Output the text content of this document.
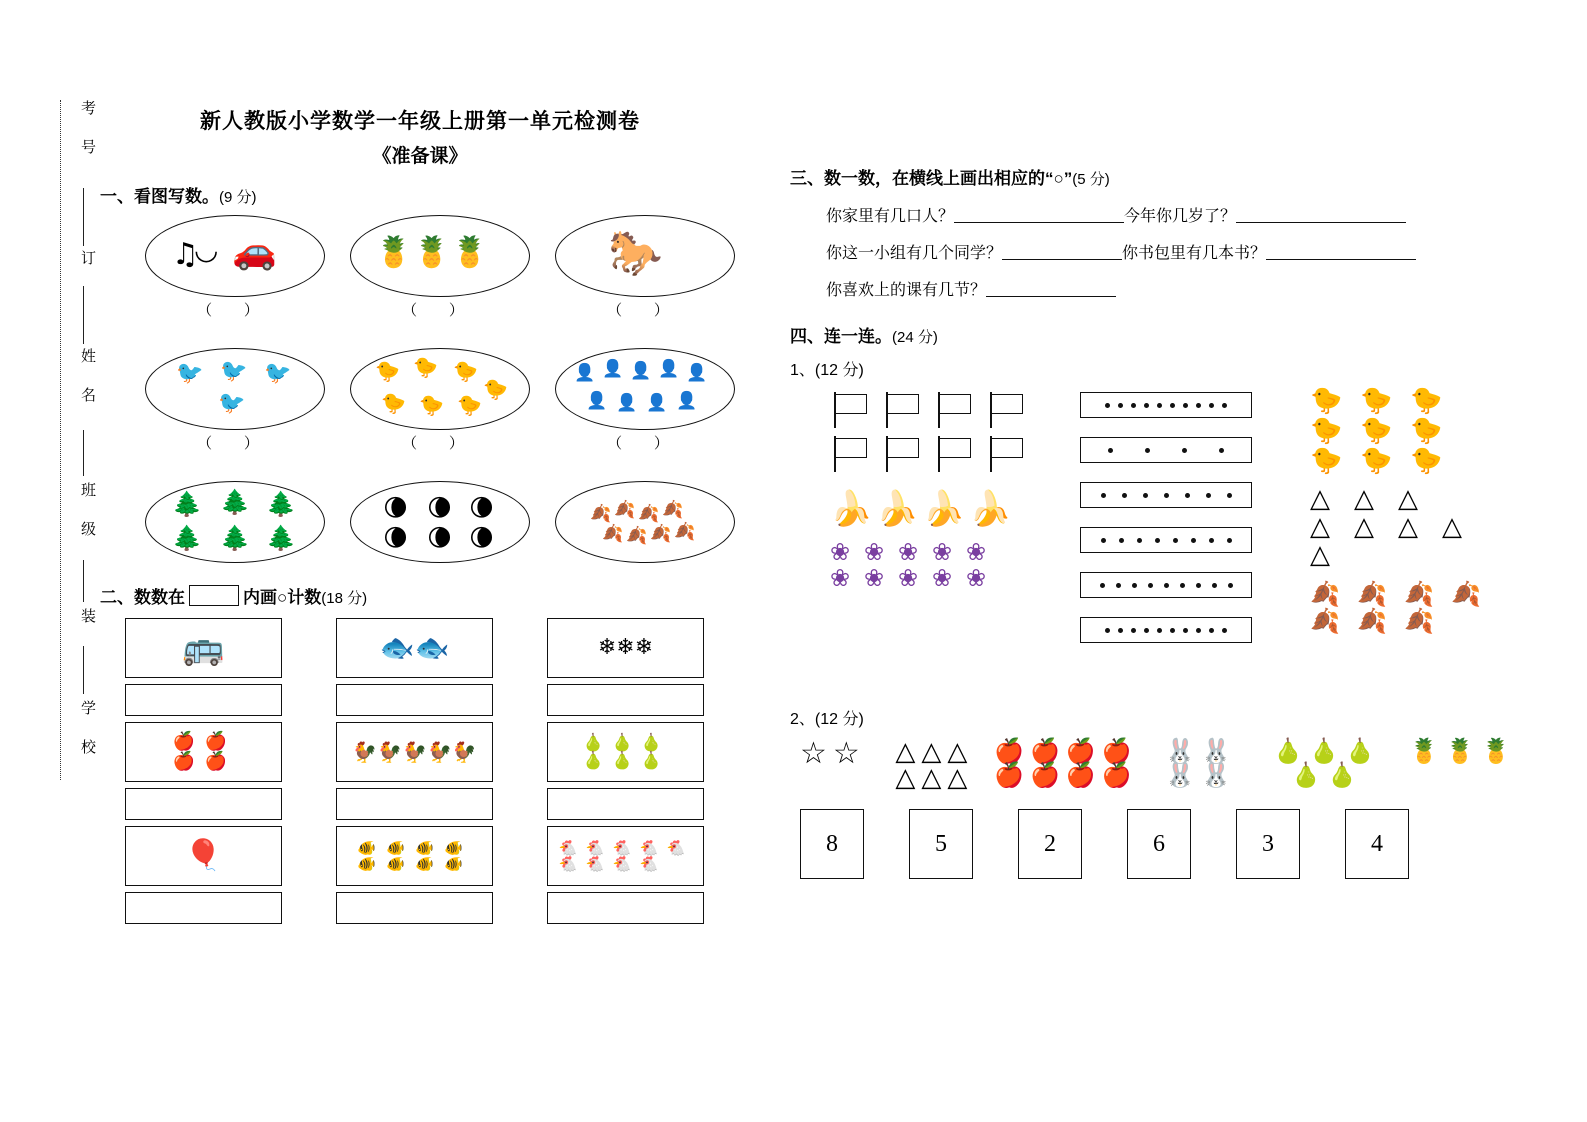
考 号
订
姓 名
班 级
装
学 校
新人教版小学数学一年级上册第一单元检测卷
《准备课》
一、看图写数。(9 分)
♫
◡ 🚗
（ ）
🍍 🍍 🍍
（ ）
🐎
（ ）
🐦 🐦 🐦
🐦
（ ）
🐤 🐤 🐤
🐤
🐤 🐤 🐤
（ ）
👤 👤 👤 👤 👤
👤 👤 👤 👤
（ ）
🌲 🌲 🌲
🌲 🌲 🌲
🌘 🌘 🌘
🌘 🌘 🌘
🍂 🍂 🍂 🍂
🍂 🍂 🍂 🍂
二、数数在	内画○计数(18 分)
🚌	🐟 🐟	❄ ❄ ❄
🍎 🍎
🍎 🍎	🐓 🐓 🐓 🐓 🐓	🍐 🍐 🍐
🍐 🍐 🍐
🎈	🐠 🐠 🐠 🐠
🐠 🐠 🐠 🐠
🐔 🐔 🐔 🐔 🐔
🐔 🐔 🐔 🐔
三、数一数，在横线上画出相应的“○”(5 分)
你家里有几口人？	今年你几岁了？
你这一小组有几个同学？	你书包里有几本书？
你喜欢上的课有几节？
四、连一连。(24 分)
1、(12 分)
🍌 🍌 🍌 🍌
❀ ❀ ❀ ❀ ❀
❀ ❀ ❀ ❀ ❀
🐤 🐤 🐤
🐤 🐤 🐤
🐤 🐤 🐤
△ △ △
△ △ △ △
△
🍂 🍂 🍂 🍂
🍂 🍂 🍂
2、(12 分)
☆ ☆ △ △ △
△ △ △
🍎 🍎 🍎 🍎
🍎 🍎 🍎 🍎
🐰 🐰
🐰 🐰
🍐 🍐 🍐
🍐 🍐
🍍 🍍 🍍
8	5	2	6	3	4
